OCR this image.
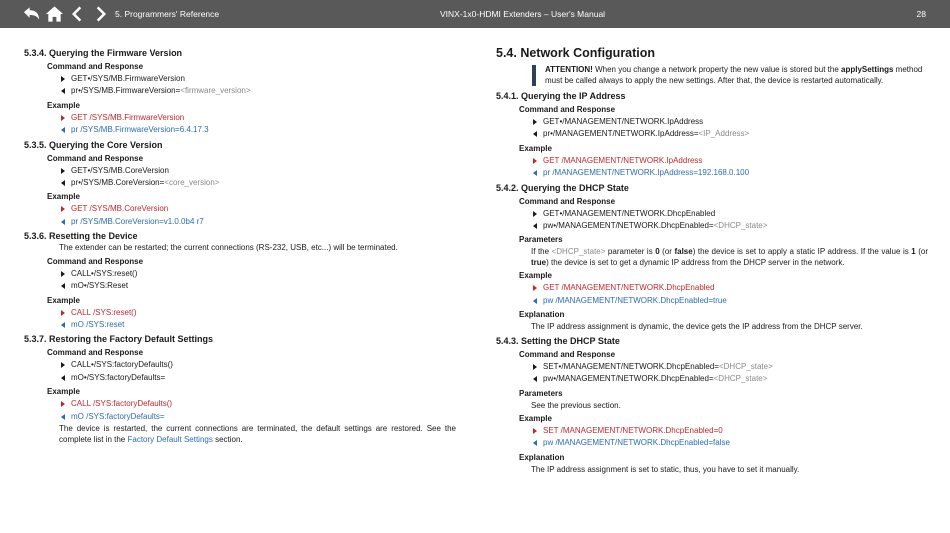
5. Programmers' Reference	VINX-1x0-HDMI Extenders – User's Manual	28
5.3.4. Querying the Firmware Version
Command and Response
GET•/SYS/MB.FirmwareVersion
pr•/SYS/MB.FirmwareVersion=<firmware_version>
Example
GET /SYS/MB.FirmwareVersion
pr /SYS/MB.FirmwareVersion=6.4.17.3
5.3.5. Querying the Core Version
Command and Response
GET•/SYS/MB.CoreVersion
pr•/SYS/MB.CoreVersion=<core_version>
Example
GET /SYS/MB.CoreVersion
pr /SYS/MB.CoreVersion=v1.0.0b4 r7
5.3.6. Resetting the Device
The extender can be restarted; the current connections (RS-232, USB, etc...) will be terminated.
Command and Response
CALL•/SYS:reset()
mO•/SYS:Reset
Example
CALL /SYS:reset()
mO /SYS:reset
5.3.7. Restoring the Factory Default Settings
Command and Response
CALL•/SYS:factoryDefaults()
mO•/SYS:factoryDefaults=
Example
CALL /SYS:factoryDefaults()
mO /SYS:factoryDefaults=
The device is restarted, the current connections are terminated, the default settings are restored. See the complete list in the Factory Default Settings section.
5.4. Network Configuration
ATTENTION! When you change a network property the new value is stored but the applySettings method must be called always to apply the new settings. After that, the device is restarted automatically.
5.4.1. Querying the IP Address
Command and Response
GET•/MANAGEMENT/NETWORK.IpAddress
pr•/MANAGEMENT/NETWORK.IpAddress=<IP_Address>
Example
GET /MANAGEMENT/NETWORK.IpAddress
pr /MANAGEMENT/NETWORK.IpAddress=192.168.0.100
5.4.2. Querying the DHCP State
Command and Response
GET•/MANAGEMENT/NETWORK.DhcpEnabled
pw•/MANAGEMENT/NETWORK.DhcpEnabled=<DHCP_state>
Parameters
If the <DHCP_state> parameter is 0 (or false) the device is set to apply a static IP address. If the value is 1 (or true) the device is set to get a dynamic IP address from the DHCP server in the network.
Example
GET /MANAGEMENT/NETWORK.DhcpEnabled
pw /MANAGEMENT/NETWORK.DhcpEnabled=true
Explanation
The IP address assignment is dynamic, the device gets the IP address from the DHCP server.
5.4.3. Setting the DHCP State
Command and Response
SET•/MANAGEMENT/NETWORK.DhcpEnabled=<DHCP_state>
pw•/MANAGEMENT/NETWORK.DhcpEnabled=<DHCP_state>
Parameters
See the previous section.
Example
SET /MANAGEMENT/NETWORK.DhcpEnabled=0
pw /MANAGEMENT/NETWORK.DhcpEnabled=false
Explanation
The IP address assignment is set to static, thus, you have to set it manually.
